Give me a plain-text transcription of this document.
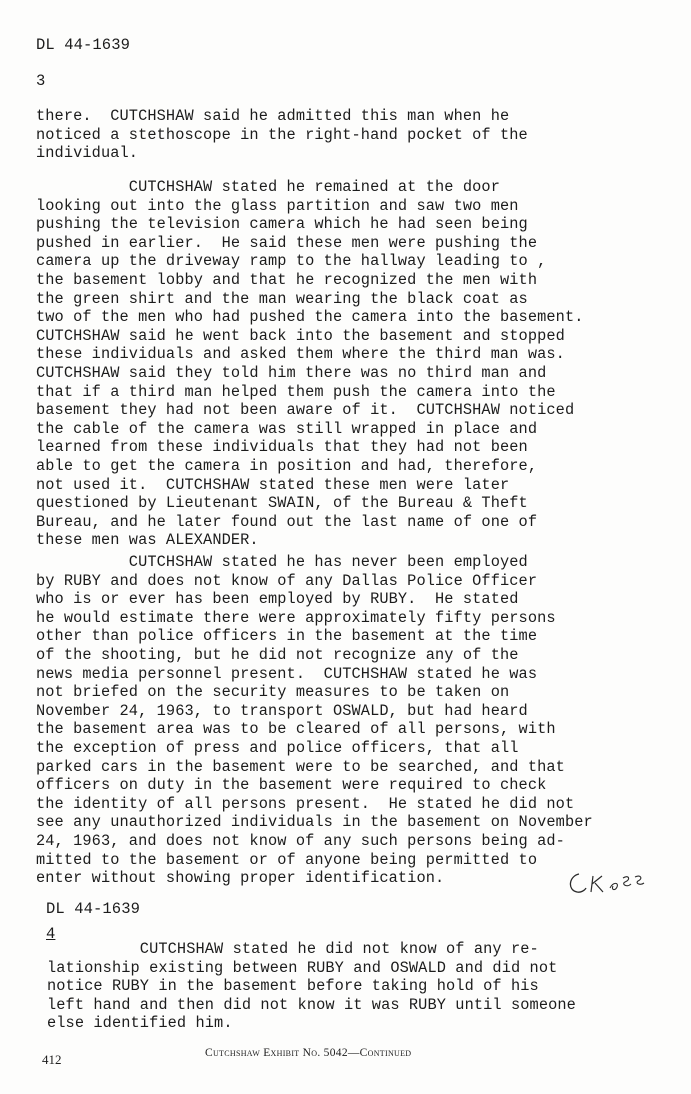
DL 44-1639
3
there.  CUTCHSHAW said he admitted this man when he
noticed a stethoscope in the right-hand pocket of the
individual.
CUTCHSHAW stated he remained at the door
looking out into the glass partition and saw two men
pushing the television camera which he had seen being
pushed in earlier.  He said these men were pushing the
camera up the driveway ramp to the hallway leading to ,
the basement lobby and that he recognized the men with
the green shirt and the man wearing the black coat as
two of the men who had pushed the camera into the basement.
CUTCHSHAW said he went back into the basement and stopped
these individuals and asked them where the third man was.
CUTCHSHAW said they told him there was no third man and
that if a third man helped them push the camera into the
basement they had not been aware of it.  CUTCHSHAW noticed
the cable of the camera was still wrapped in place and
learned from these individuals that they had not been
able to get the camera in position and had, therefore,
not used it.  CUTCHSHAW stated these men were later
questioned by Lieutenant SWAIN, of the Bureau & Theft
Bureau, and he later found out the last name of one of
these men was ALEXANDER.
CUTCHSHAW stated he has never been employed
by RUBY and does not know of any Dallas Police Officer
who is or ever has been employed by RUBY.  He stated
he would estimate there were approximately fifty persons
other than police officers in the basement at the time
of the shooting, but he did not recognize any of the
news media personnel present.  CUTCHSHAW stated he was
not briefed on the security measures to be taken on
November 24, 1963, to transport OSWALD, but had heard
the basement area was to be cleared of all persons, with
the exception of press and police officers, that all
parked cars in the basement were to be searched, and that
officers on duty in the basement were required to check
the identity of all persons present.  He stated he did not
see any unauthorized individuals in the basement on November
24, 1963, and does not know of any such persons being ad-
mitted to the basement or of anyone being permitted to
enter without showing proper identification.
DL 44-1639
4
CUTCHSHAW stated he did not know of any re-
lationship existing between RUBY and OSWALD and did not
notice RUBY in the basement before taking hold of his
left hand and then did not know it was RUBY until someone
else identified him.
412	Cutchshaw Exhibit No. 5042—Continued
